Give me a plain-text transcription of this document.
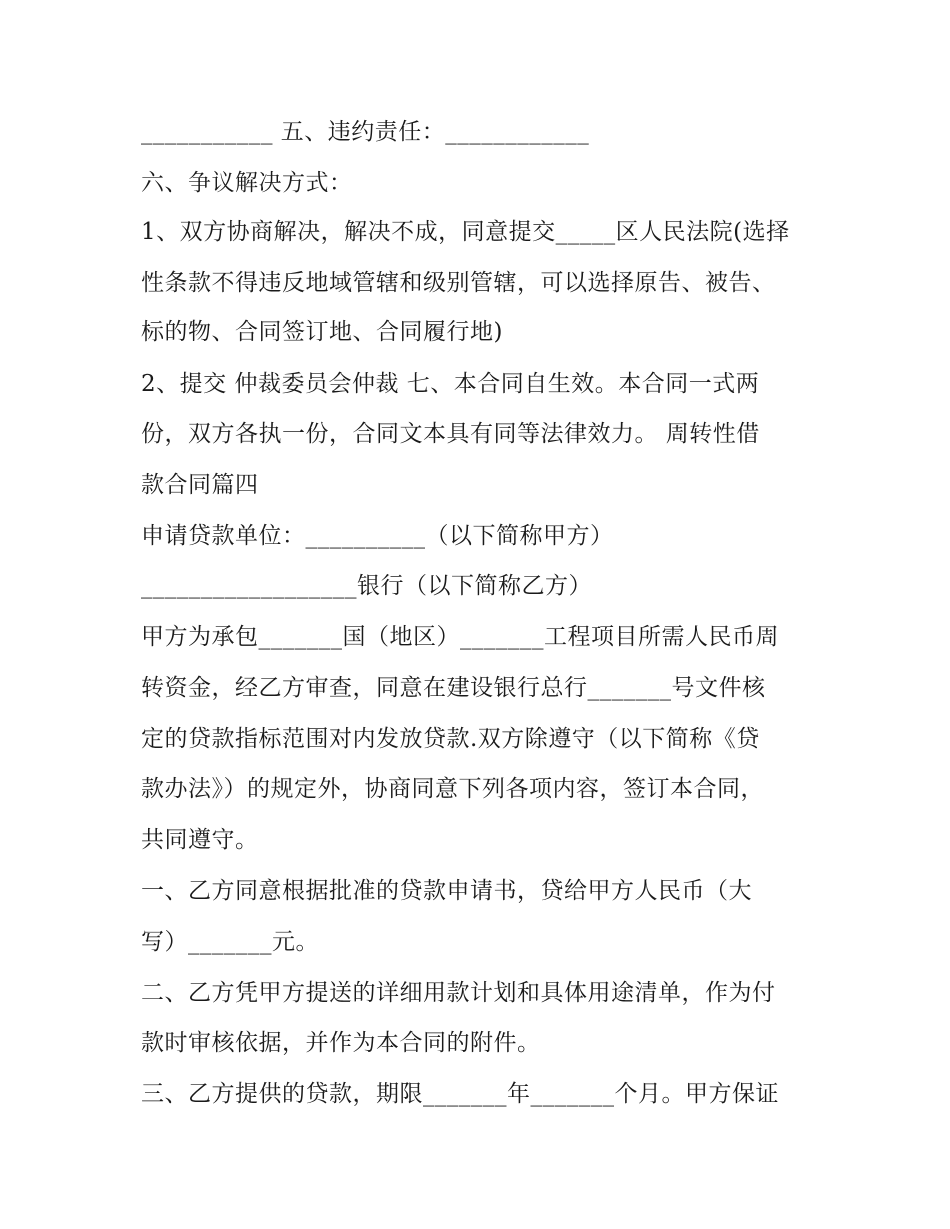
___________ 五、违约责任：____________
六、争议解决方式：
1、双方协商解决，解决不成，同意提交_____区人民法院(选择
性条款不得违反地域管辖和级别管辖，可以选择原告、被告、
标的物、合同签订地、合同履行地)
2、提交 仲裁委员会仲裁 七、本合同自生效。本合同一式两
份，双方各执一份，合同文本具有同等法律效力。 周转性借
款合同篇四
申请贷款单位：__________（以下简称甲方）
__________________银行（以下简称乙方）
甲方为承包_______国（地区）_______工程项目所需人民币周
转资金，经乙方审查，同意在建设银行总行_______号文件核
定的贷款指标范围对内发放贷款.双方除遵守（以下简称《贷
款办法》）的规定外，协商同意下列各项内容，签订本合同，
共同遵守。
一、乙方同意根据批准的贷款申请书，贷给甲方人民币（大
写）_______元。
二、乙方凭甲方提送的详细用款计划和具体用途清单，作为付
款时审核依据，并作为本合同的附件。
三、乙方提供的贷款，期限_______年_______个月。甲方保证
